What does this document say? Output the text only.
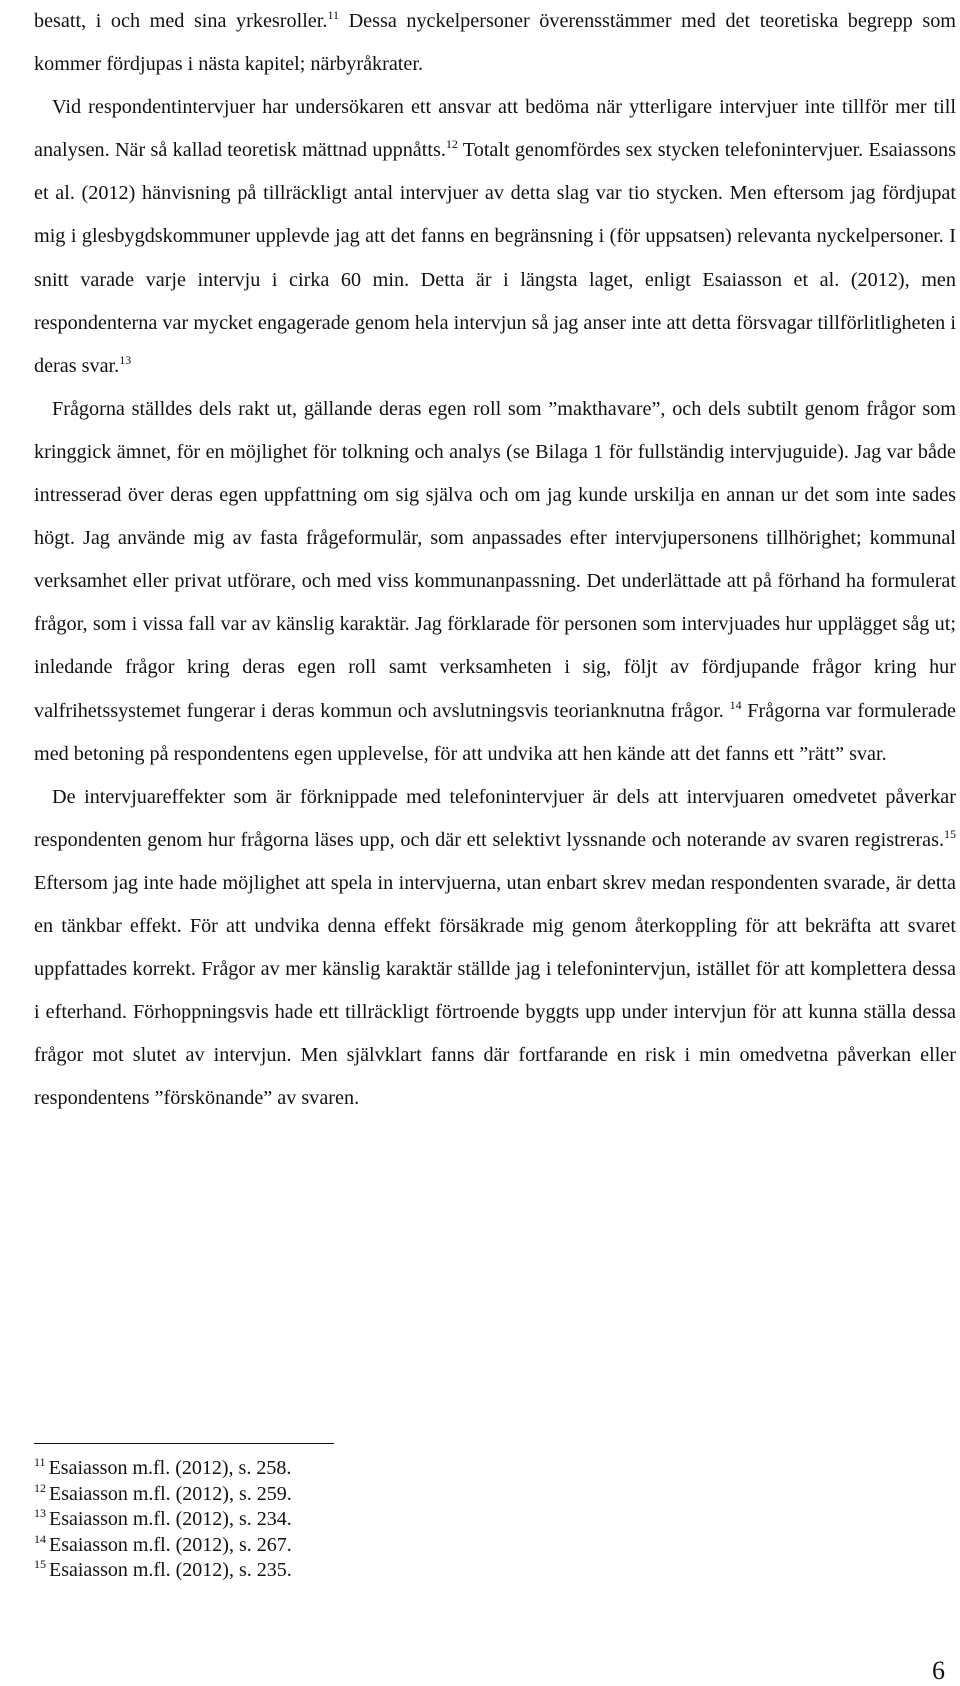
besatt, i och med sina yrkesroller.$^{11}$ Dessa nyckelpersoner överensstämmer med det teoretiska begrepp som kommer fördjupas i nästa kapitel; närbyråkrater.

Vid respondentintervjuer har undersökaren ett ansvar att bedöma när ytterligare intervjuer inte tillför mer till analysen. När så kallad teoretisk mättnad uppnåtts.$^{12}$ Totalt genomfördes sex stycken telefonintervjuer. Esaiassons et al. (2012) hänvisning på tillräckligt antal intervjuer av detta slag var tio stycken. Men eftersom jag fördjupat mig i glesbygdskommuner upplevde jag att det fanns en begränsning i (för uppsatsen) relevanta nyckelpersoner. I snitt varade varje intervju i cirka 60 min. Detta är i längsta laget, enligt Esaiasson et al. (2012), men respondenterna var mycket engagerade genom hela intervjun så jag anser inte att detta försvagar tillförlitligheten i deras svar.$^{13}$

Frågorna ställdes dels rakt ut, gällande deras egen roll som ”makthavare”, och dels subtilt genom frågor som kringgick ämnet, för en möjlighet för tolkning och analys (se Bilaga 1 för fullständig intervjuguide). Jag var både intresserad över deras egen uppfattning om sig själva och om jag kunde urskilja en annan ur det som inte sades högt. Jag använde mig av fasta frågeformulär, som anpassades efter intervjupersonens tillhörighet; kommunal verksamhet eller privat utförare, och med viss kommunanpassning. Det underlättade att på förhand ha formulerat frågor, som i vissa fall var av känslig karaktär. Jag förklarade för personen som intervjuades hur upplägget såg ut; inledande frågor kring deras egen roll samt verksamheten i sig, följt av fördjupande frågor kring hur valfrihetssystemet fungerar i deras kommun och avslutningsvis teorianknutna frågor. $^{14}$ Frågorna var formulerade med betoning på respondentens egen upplevelse, för att undvika att hen kände att det fanns ett ”rätt” svar.

De intervjuareffekter som är förknippade med telefonintervjuer är dels att intervjuaren omedvetet påverkar respondenten genom hur frågorna läses upp, och där ett selektivt lyssnande och noterande av svaren registreras.$^{15}$ Eftersom jag inte hade möjlighet att spela in intervjuerna, utan enbart skrev medan respondenten svarade, är detta en tänkbar effekt. För att undvika denna effekt försäkrade mig genom återkoppling för att bekräfta att svaret uppfattades korrekt. Frågor av mer känslig karaktär ställde jag i telefonintervjun, istället för att komplettera dessa i efterhand. Förhoppningsvis hade ett tillräckligt förtroende byggts upp under intervjun för att kunna ställa dessa frågor mot slutet av intervjun. Men självklart fanns där fortfarande en risk i min omedvetna påverkan eller respondentens ”förskönande” av svaren.

$^{11}$ Esaiasson m.fl. (2012), s. 258.

$^{12}$ Esaiasson m.fl. (2012), s. 259.

$^{13}$ Esaiasson m.fl. (2012), s. 234.

$^{14}$ Esaiasson m.fl. (2012), s. 267.

$^{15}$ Esaiasson m.fl. (2012), s. 235.

6
